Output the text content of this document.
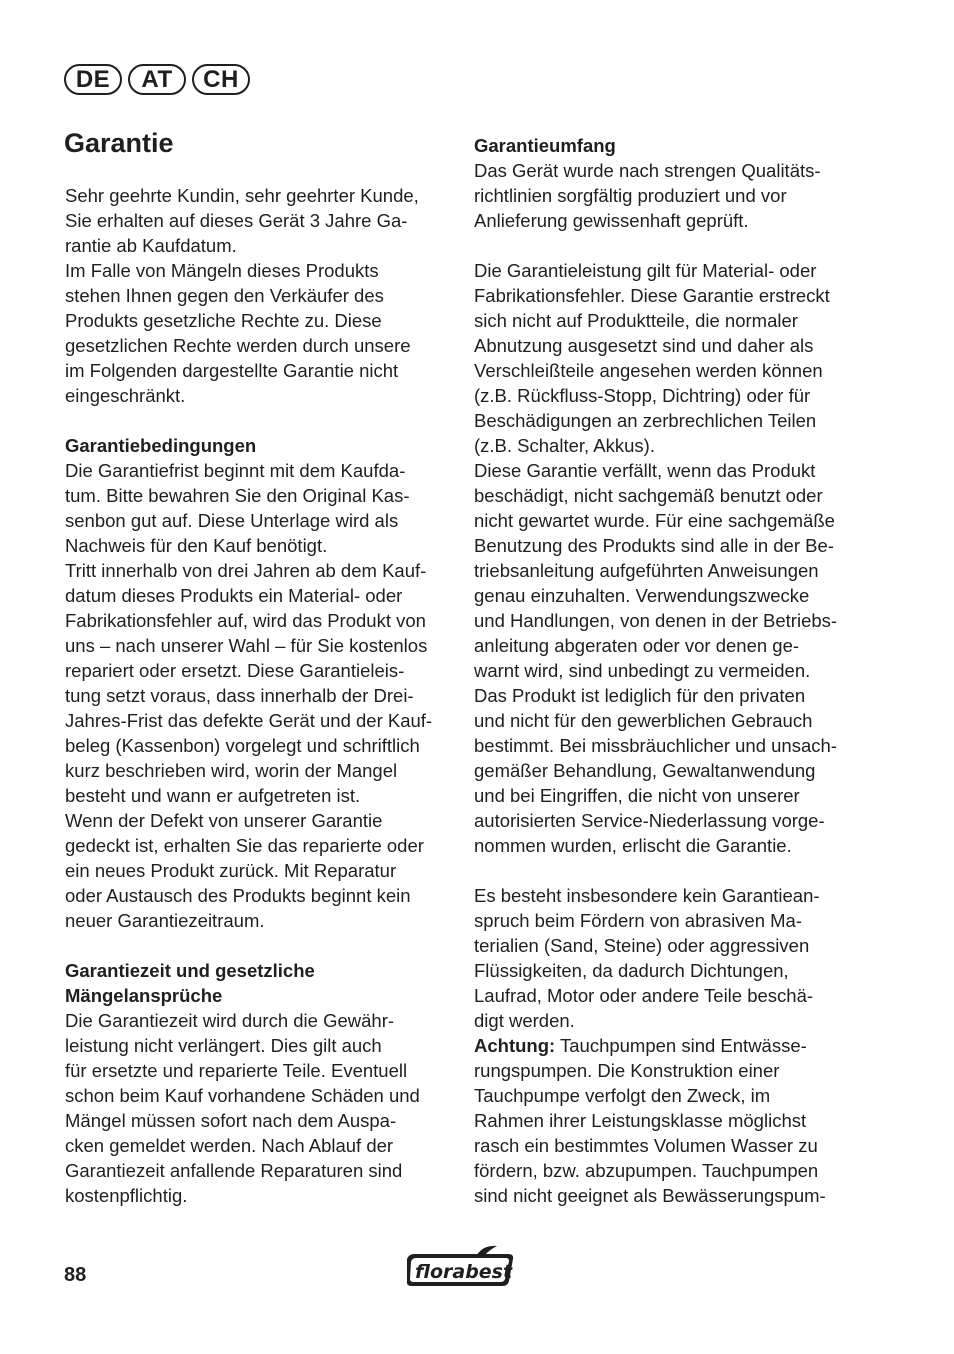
DE	AT	CH
Garantie
Sehr geehrte Kundin, sehr geehrter Kunde,
Sie erhalten auf dieses Gerät 3 Jahre Ga-
rantie ab Kaufdatum.
Im Falle von Mängeln dieses Produkts
stehen Ihnen gegen den Verkäufer des
Produkts gesetzliche Rechte zu. Diese
gesetzlichen Rechte werden durch unsere
im Folgenden dargestellte Garantie nicht
eingeschränkt.
Garantiebedingungen
Die Garantiefrist beginnt mit dem Kaufda-
tum. Bitte bewahren Sie den Original Kas-
senbon gut auf. Diese Unterlage wird als
Nachweis für den Kauf benötigt.
Tritt innerhalb von drei Jahren ab dem Kauf-
datum dieses Produkts ein Material- oder
Fabrikationsfehler auf, wird das Produkt von
uns – nach unserer Wahl – für Sie kostenlos
repariert oder ersetzt. Diese Garantieleis-
tung setzt voraus, dass innerhalb der Drei-
Jahres-Frist das defekte Gerät und der Kauf-
beleg (Kassenbon) vorgelegt und schriftlich
kurz beschrieben wird, worin der Mangel
besteht und wann er aufgetreten ist.
Wenn der Defekt von unserer Garantie
gedeckt ist, erhalten Sie das reparierte oder
ein neues Produkt zurück. Mit Reparatur
oder Austausch des Produkts beginnt kein
neuer Garantiezeitraum.
Garantiezeit und gesetzliche
Mängelansprüche
Die Garantiezeit wird durch die Gewähr-
leistung nicht verlängert. Dies gilt auch
für ersetzte und reparierte Teile. Eventuell
schon beim Kauf vorhandene Schäden und
Mängel müssen sofort nach dem Auspa-
cken gemeldet werden. Nach Ablauf der
Garantiezeit anfallende Reparaturen sind
kostenpflichtig.
Garantieumfang
Das Gerät wurde nach strengen Qualitäts-
richtlinien sorgfältig produziert und vor
Anlieferung gewissenhaft geprüft.
Die Garantieleistung gilt für Material- oder
Fabrikationsfehler. Diese Garantie erstreckt
sich nicht auf Produktteile, die normaler
Abnutzung ausgesetzt sind und daher als
Verschleißteile angesehen werden können
(z.B. Rückfluss-Stopp, Dichtring) oder für
Beschädigungen an zerbrechlichen Teilen
(z.B. Schalter, Akkus).
Diese Garantie verfällt, wenn das Produkt
beschädigt, nicht sachgemäß benutzt oder
nicht gewartet wurde. Für eine sachgemäße
Benutzung des Produkts sind alle in der Be-
triebsanleitung aufgeführten Anweisungen
genau einzuhalten. Verwendungszwecke
und Handlungen, von denen in der Betriebs-
anleitung abgeraten oder vor denen ge-
warnt wird, sind unbedingt zu vermeiden.
Das Produkt ist lediglich für den privaten
und nicht für den gewerblichen Gebrauch
bestimmt. Bei missbräuchlicher und unsach-
gemäßer Behandlung, Gewaltanwendung
und bei Eingriffen, die nicht von unserer
autorisierten Service-Niederlassung vorge-
nommen wurden, erlischt die Garantie.
Es besteht insbesondere kein Garantiean-
spruch beim Fördern von abrasiven Ma-
terialien (Sand, Steine) oder aggressiven
Flüssigkeiten, da dadurch Dichtungen,
Laufrad, Motor oder andere Teile beschä-
digt werden.
Achtung: Tauchpumpen sind Entwässe-
rungspumpen. Die Konstruktion einer
Tauchpumpe verfolgt den Zweck, im
Rahmen ihrer Leistungsklasse möglichst
rasch ein bestimmtes Volumen Wasser zu
fördern, bzw. abzupumpen. Tauchpumpen
sind nicht geeignet als Bewässerungspum-
88	florabest
